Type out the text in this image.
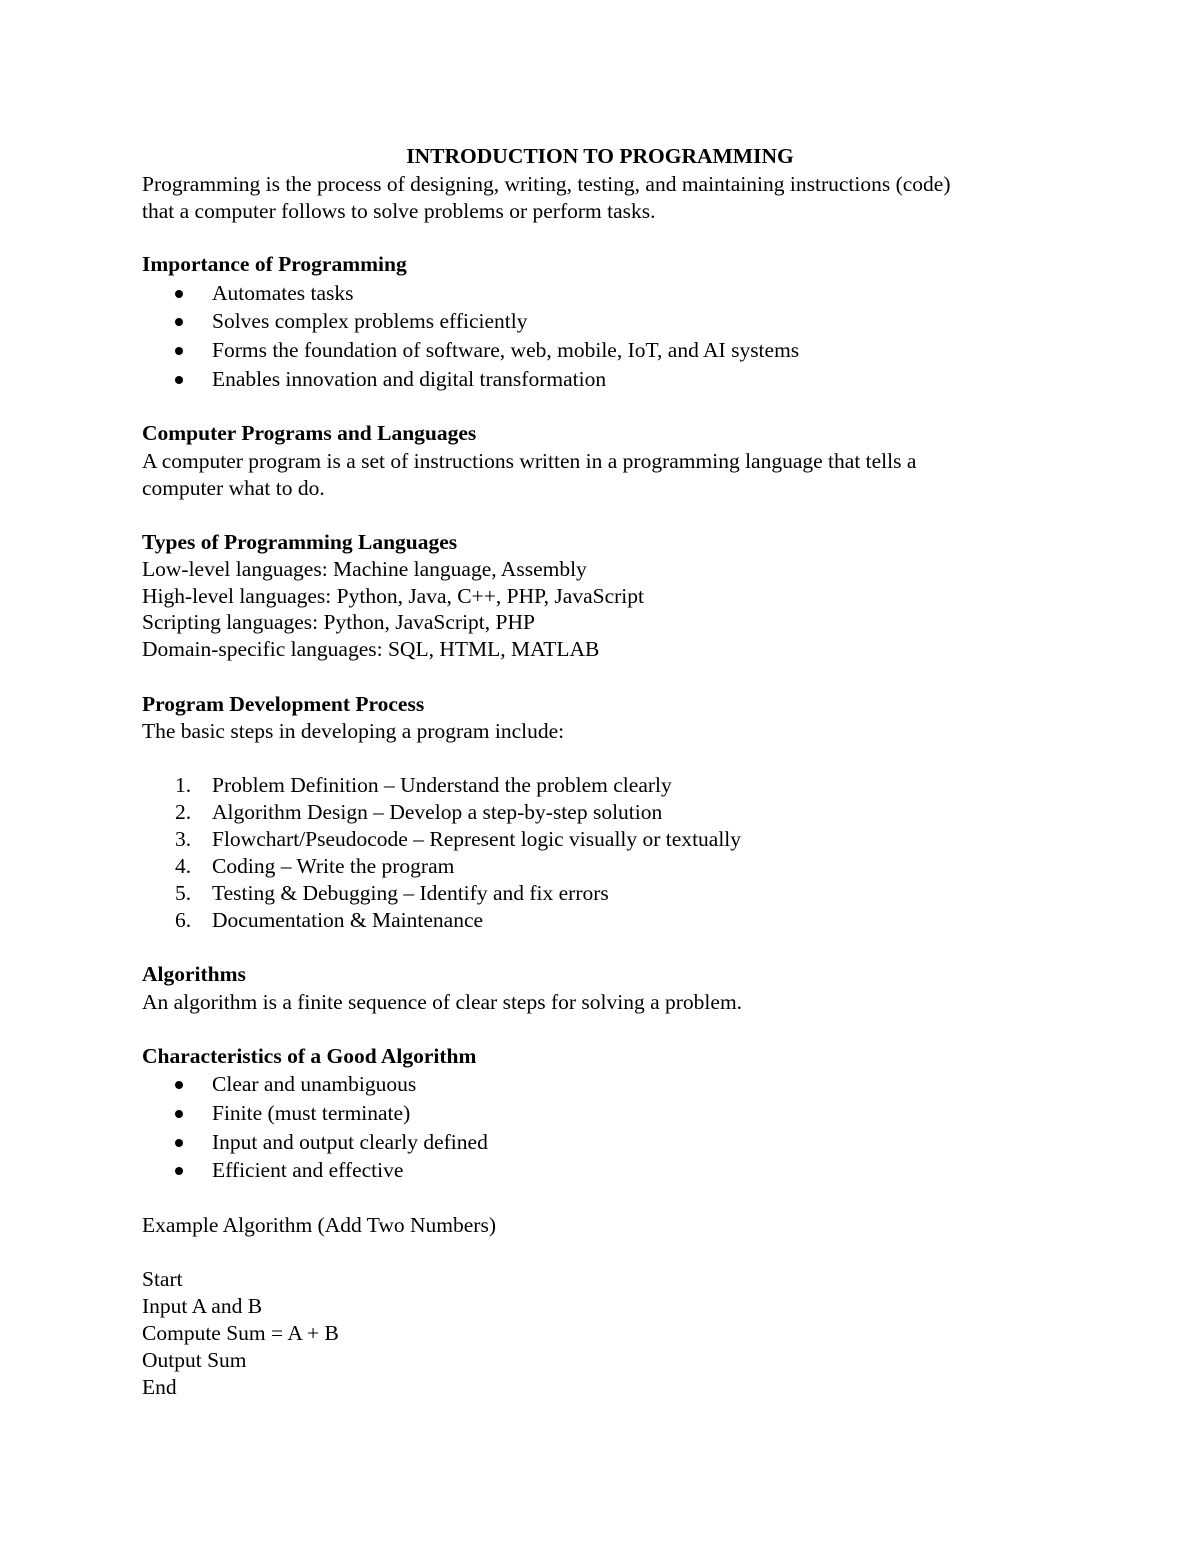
INTRODUCTION TO PROGRAMMING
Programming is the process of designing, writing, testing, and maintaining instructions (code)
that a computer follows to solve problems or perform tasks.
Importance of Programming
Automates tasks
Solves complex problems efficiently
Forms the foundation of software, web, mobile, IoT, and AI systems
Enables innovation and digital transformation
Computer Programs and Languages
A computer program is a set of instructions written in a programming language that tells a
computer what to do.
Types of Programming Languages
Low-level languages: Machine language, Assembly
High-level languages: Python, Java, C++, PHP, JavaScript
Scripting languages: Python, JavaScript, PHP
Domain-specific languages: SQL, HTML, MATLAB
Program Development Process
The basic steps in developing a program include:
1. Problem Definition – Understand the problem clearly
2. Algorithm Design – Develop a step-by-step solution
3. Flowchart/Pseudocode – Represent logic visually or textually
4. Coding – Write the program
5. Testing & Debugging – Identify and fix errors
6. Documentation & Maintenance
Algorithms
An algorithm is a finite sequence of clear steps for solving a problem.
Characteristics of a Good Algorithm
Clear and unambiguous
Finite (must terminate)
Input and output clearly defined
Efficient and effective
Example Algorithm (Add Two Numbers)
Start
Input A and B
Compute Sum = A + B
Output Sum
End
